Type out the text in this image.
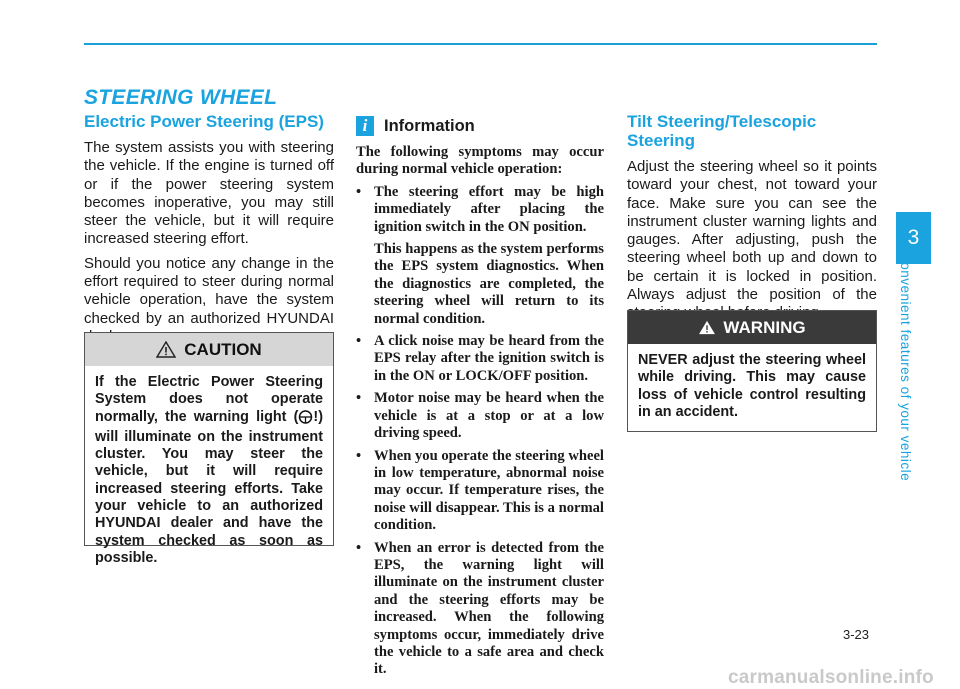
STEERING WHEEL
Electric Power Steering (EPS)

The system assists you with steering the vehicle. If the engine is turned off or if the power steering system becomes inoperative, you may still steer the vehicle, but it will require increased steering effort.

Should you notice any change in the effort required to steer during normal vehicle operation, have the system checked by an authorized HYUNDAI

CAUTION
If the Electric Power Steering System does not operate normally, the warning light ( !) will illuminate on the instrument cluster. You may steer the vehicle, but it will require increased steering efforts. Take your vehicle to an authorized HYUNDAI dealer and have the system checked as soon as possible.
i	Information

The following symptoms may occur during normal vehicle operation:

• The steering effort may be high immediately after placing the ignition switch in the ON position.
This happens as the system performs the EPS system diagnostics. When the diagnostics are completed, the steering wheel will return to its normal condition.
• A click noise may be heard from the EPS relay after the ignition switch is in the ON or LOCK/OFF position.
• Motor noise may be heard when the vehicle is at a stop or at a low driving speed.
• When you operate the steering wheel in low temperature, abnormal noise may occur. If temperature rises, the noise will disappear. This is a normal condition.
• When an error is detected from the EPS, the warning light will illuminate on the instrument cluster and the steering efforts may be increased. When the following symptoms occur, immediately drive the vehicle to a safe area and check it.
Tilt Steering/Telescopic
Steering

Adjust the steering wheel so it points toward your chest, not toward your face. Make sure you can see the instrument cluster warning lights and gauges. After adjusting, push the steering wheel both up and down to be certain it is locked in position. Always adjust the position of the

WARNING
NEVER adjust the steering wheel while driving. This may cause loss of vehicle control resulting in an accident.
3
Convenient features of your vehicle
3-23
carmanualsonline.info
